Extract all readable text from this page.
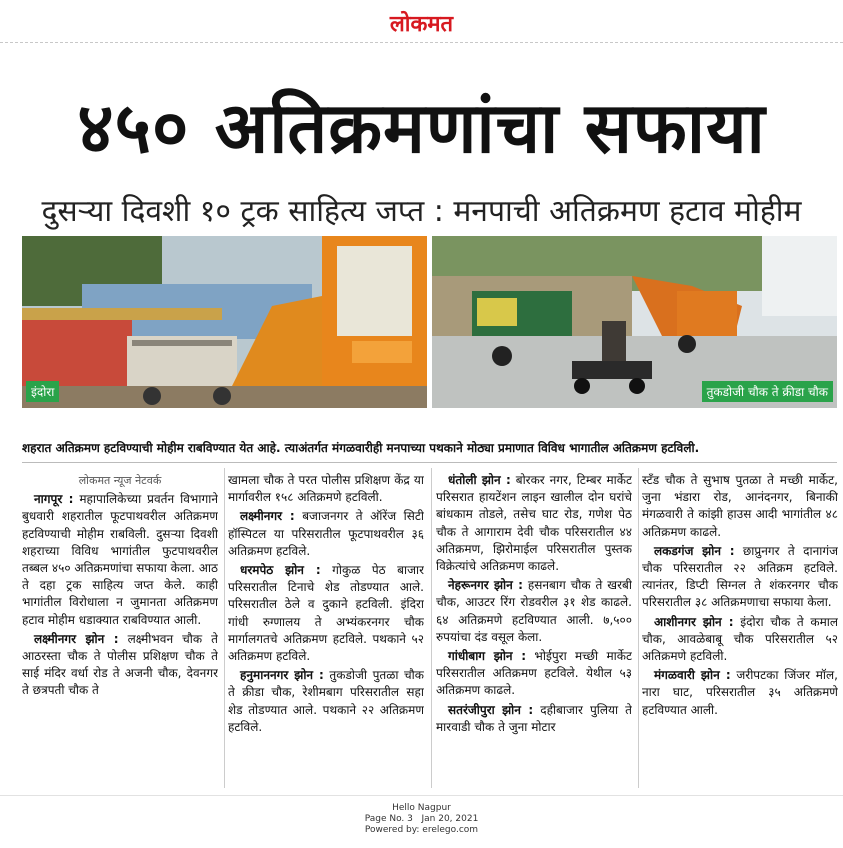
लोकमत
४५० अतिक्रमणांचा सफाया
दुसऱ्या दिवशी १० ट्रक साहित्य जप्त : मनपाची अतिक्रमण हटाव मोहीम
इंदोरा	तुकडोजी चौक ते क्रीडा चौक
शहरात अतिक्रमण हटविण्याची मोहीम राबविण्यात येत आहे. त्याअंतर्गत मंगळवारीही मनपाच्या पथकाने मोठ्या प्रमाणात विविध भागातील अतिक्रमण हटविली.

लोकमत न्यूज नेटवर्क

नागपूर : महापालिकेच्या प्रवर्तन विभागाने बुधवारी शहरातील फूटपाथवरील अतिक्रमण हटविण्याची मोहीम राबविली. दुसऱ्या दिवशी शहराच्या विविध भागांतील फुटपाथवरील तब्बल ४५० अतिक्रमणांचा सफाया केला. आठ ते दहा ट्रक साहित्य जप्त केले. काही भागांतील विरोधाला न जुमानता अतिक्रमण हटाव मोहीम धडाक्यात राबविण्यात आली.

लक्ष्मीनगर झोन : लक्ष्मीभवन चौक ते आठरस्ता चौक ते पोलीस प्रशिक्षण चौक ते साई मंदिर वर्धा रोड ते अजनी चौक, देवनगर ते छत्रपती चौक ते

खामला चौक ते परत पोलीस प्रशिक्षण केंद्र या मार्गावरील १५८ अतिक्रमणे हटविली.

लक्ष्मीनगर : बजाजनगर ते ऑरेंज सिटी हॉस्पिटल या परिसरातील फूटपाथवरील ३६ अतिक्रमण हटविले.

धरमपेठ झोन : गोकुळ पेठ बाजार परिसरातील टिनाचे शेड तोडण्यात आले. परिसरातील ठेले व दुकाने हटविली. इंदिरा गांधी रुग्णालय ते अभ्यंकरनगर चौक मार्गालगतचे अतिक्रमण हटविले. पथकाने ५२ अतिक्रमण हटविले.

हनुमाननगर झोन : तुकडोजी पुतळा चौक ते क्रीडा चौक, रेशीमबाग परिसरातील सहा शेड तोडण्यात आले. पथकाने २२ अतिक्रमण हटविले.

धंतोली झोन : बोरकर नगर, टिम्बर मार्केट परिसरात हायटेंशन लाइन खालील दोन घरांचे बांधकाम तोडले, तसेच घाट रोड, गणेश पेठ चौक ते आगाराम देवी चौक परिसरातील ४४ अतिक्रमण, झिरोमाईल परिसरातील पुस्तक विक्रेत्यांचे अतिक्रमण काढले.

नेहरूनगर झोन : हसनबाग चौक ते खरबी चौक, आउटर रिंग रोडवरील ३१ शेड काढले. ६४ अतिक्रमणे हटविण्यात आली. ७,५०० रुपयांचा दंड वसूल केला.

गांधीबाग झोन : भोईपुरा मच्छी मार्केट परिसरातील अतिक्रमण हटविले. येथील ५३ अतिक्रमण काढले.

सतरंजीपुरा झोन : दहीबाजार पुलिया ते मारवाडी चौक ते जुना मोटार

स्टँड चौक ते सुभाष पुतळा ते मच्छी मार्केट, जुना भंडारा रोड, आनंदनगर, बिनाकी मंगळवारी ते कांझी हाउस आदी भागांतील ४८ अतिक्रमण काढले.

लकडगंज झोन : छाप्रुनगर ते दानागंज चौक परिसरातील २२ अतिक्रम हटविले. त्यानंतर, डिप्टी सिग्नल ते शंकरनगर चौक परिसरातील ३८ अतिक्रमणाचा सफाया केला.

आशीनगर झोन : इंदोरा चौक ते कमाल चौक, आवळेबाबू चौक परिसरातील ५२ अतिक्रमणे हटविली.

मंगळवारी झोन : जरीपटका जिंजर मॉल, नारा घाट, परिसरातील ३५ अतिक्रमणे हटविण्यात आली.

Hello Nagpur
Page No. 3 Jan 20, 2021
Powered by: erelego.com
